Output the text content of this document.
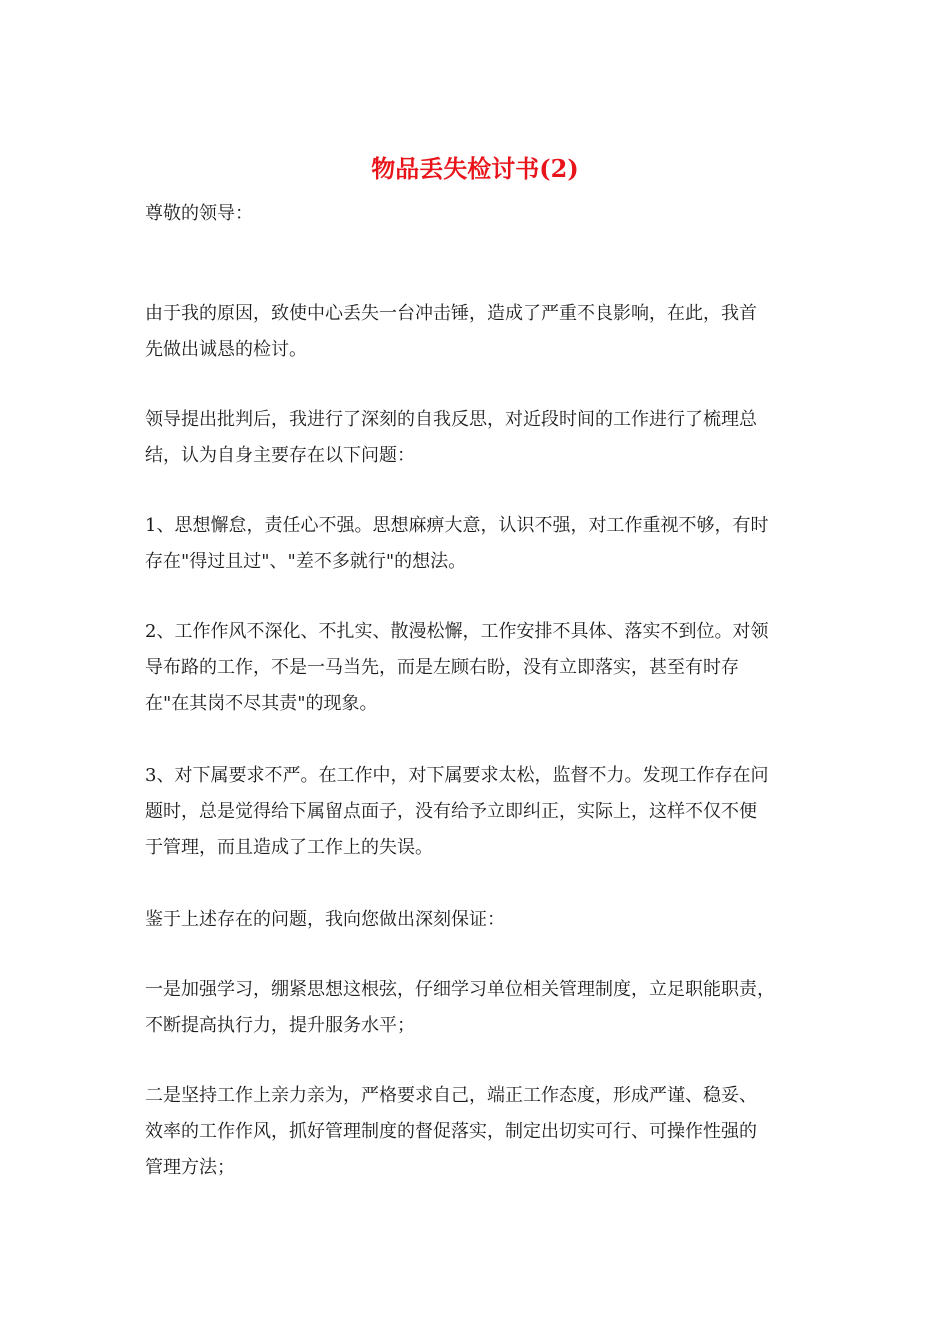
物品丢失检讨书(2)

尊敬的领导：

由于我的原因，致使中心丢失一台冲击锤，造成了严重不良影响，在此，我首
先做出诚恳的检讨。

领导提出批判后，我进行了深刻的自我反思，对近段时间的工作进行了梳理总
结，认为自身主要存在以下问题：

1、思想懈怠，责任心不强。思想麻痹大意，认识不强，对工作重视不够，有时
存在"得过且过"、"差不多就行"的想法。

2、工作作风不深化、不扎实、散漫松懈，工作安排不具体、落实不到位。对领
导布路的工作，不是一马当先，而是左顾右盼，没有立即落实，甚至有时存
在"在其岗不尽其责"的现象。

3、对下属要求不严。在工作中，对下属要求太松，监督不力。发现工作存在问
题时，总是觉得给下属留点面子，没有给予立即纠正，实际上，这样不仅不便
于管理，而且造成了工作上的失误。

鉴于上述存在的问题，我向您做出深刻保证：

一是加强学习，绷紧思想这根弦，仔细学习单位相关管理制度，立足职能职责，
不断提高执行力，提升服务水平；

二是坚持工作上亲力亲为，严格要求自己，端正工作态度，形成严谨、稳妥、
效率的工作作风，抓好管理制度的督促落实，制定出切实可行、可操作性强的
管理方法；
